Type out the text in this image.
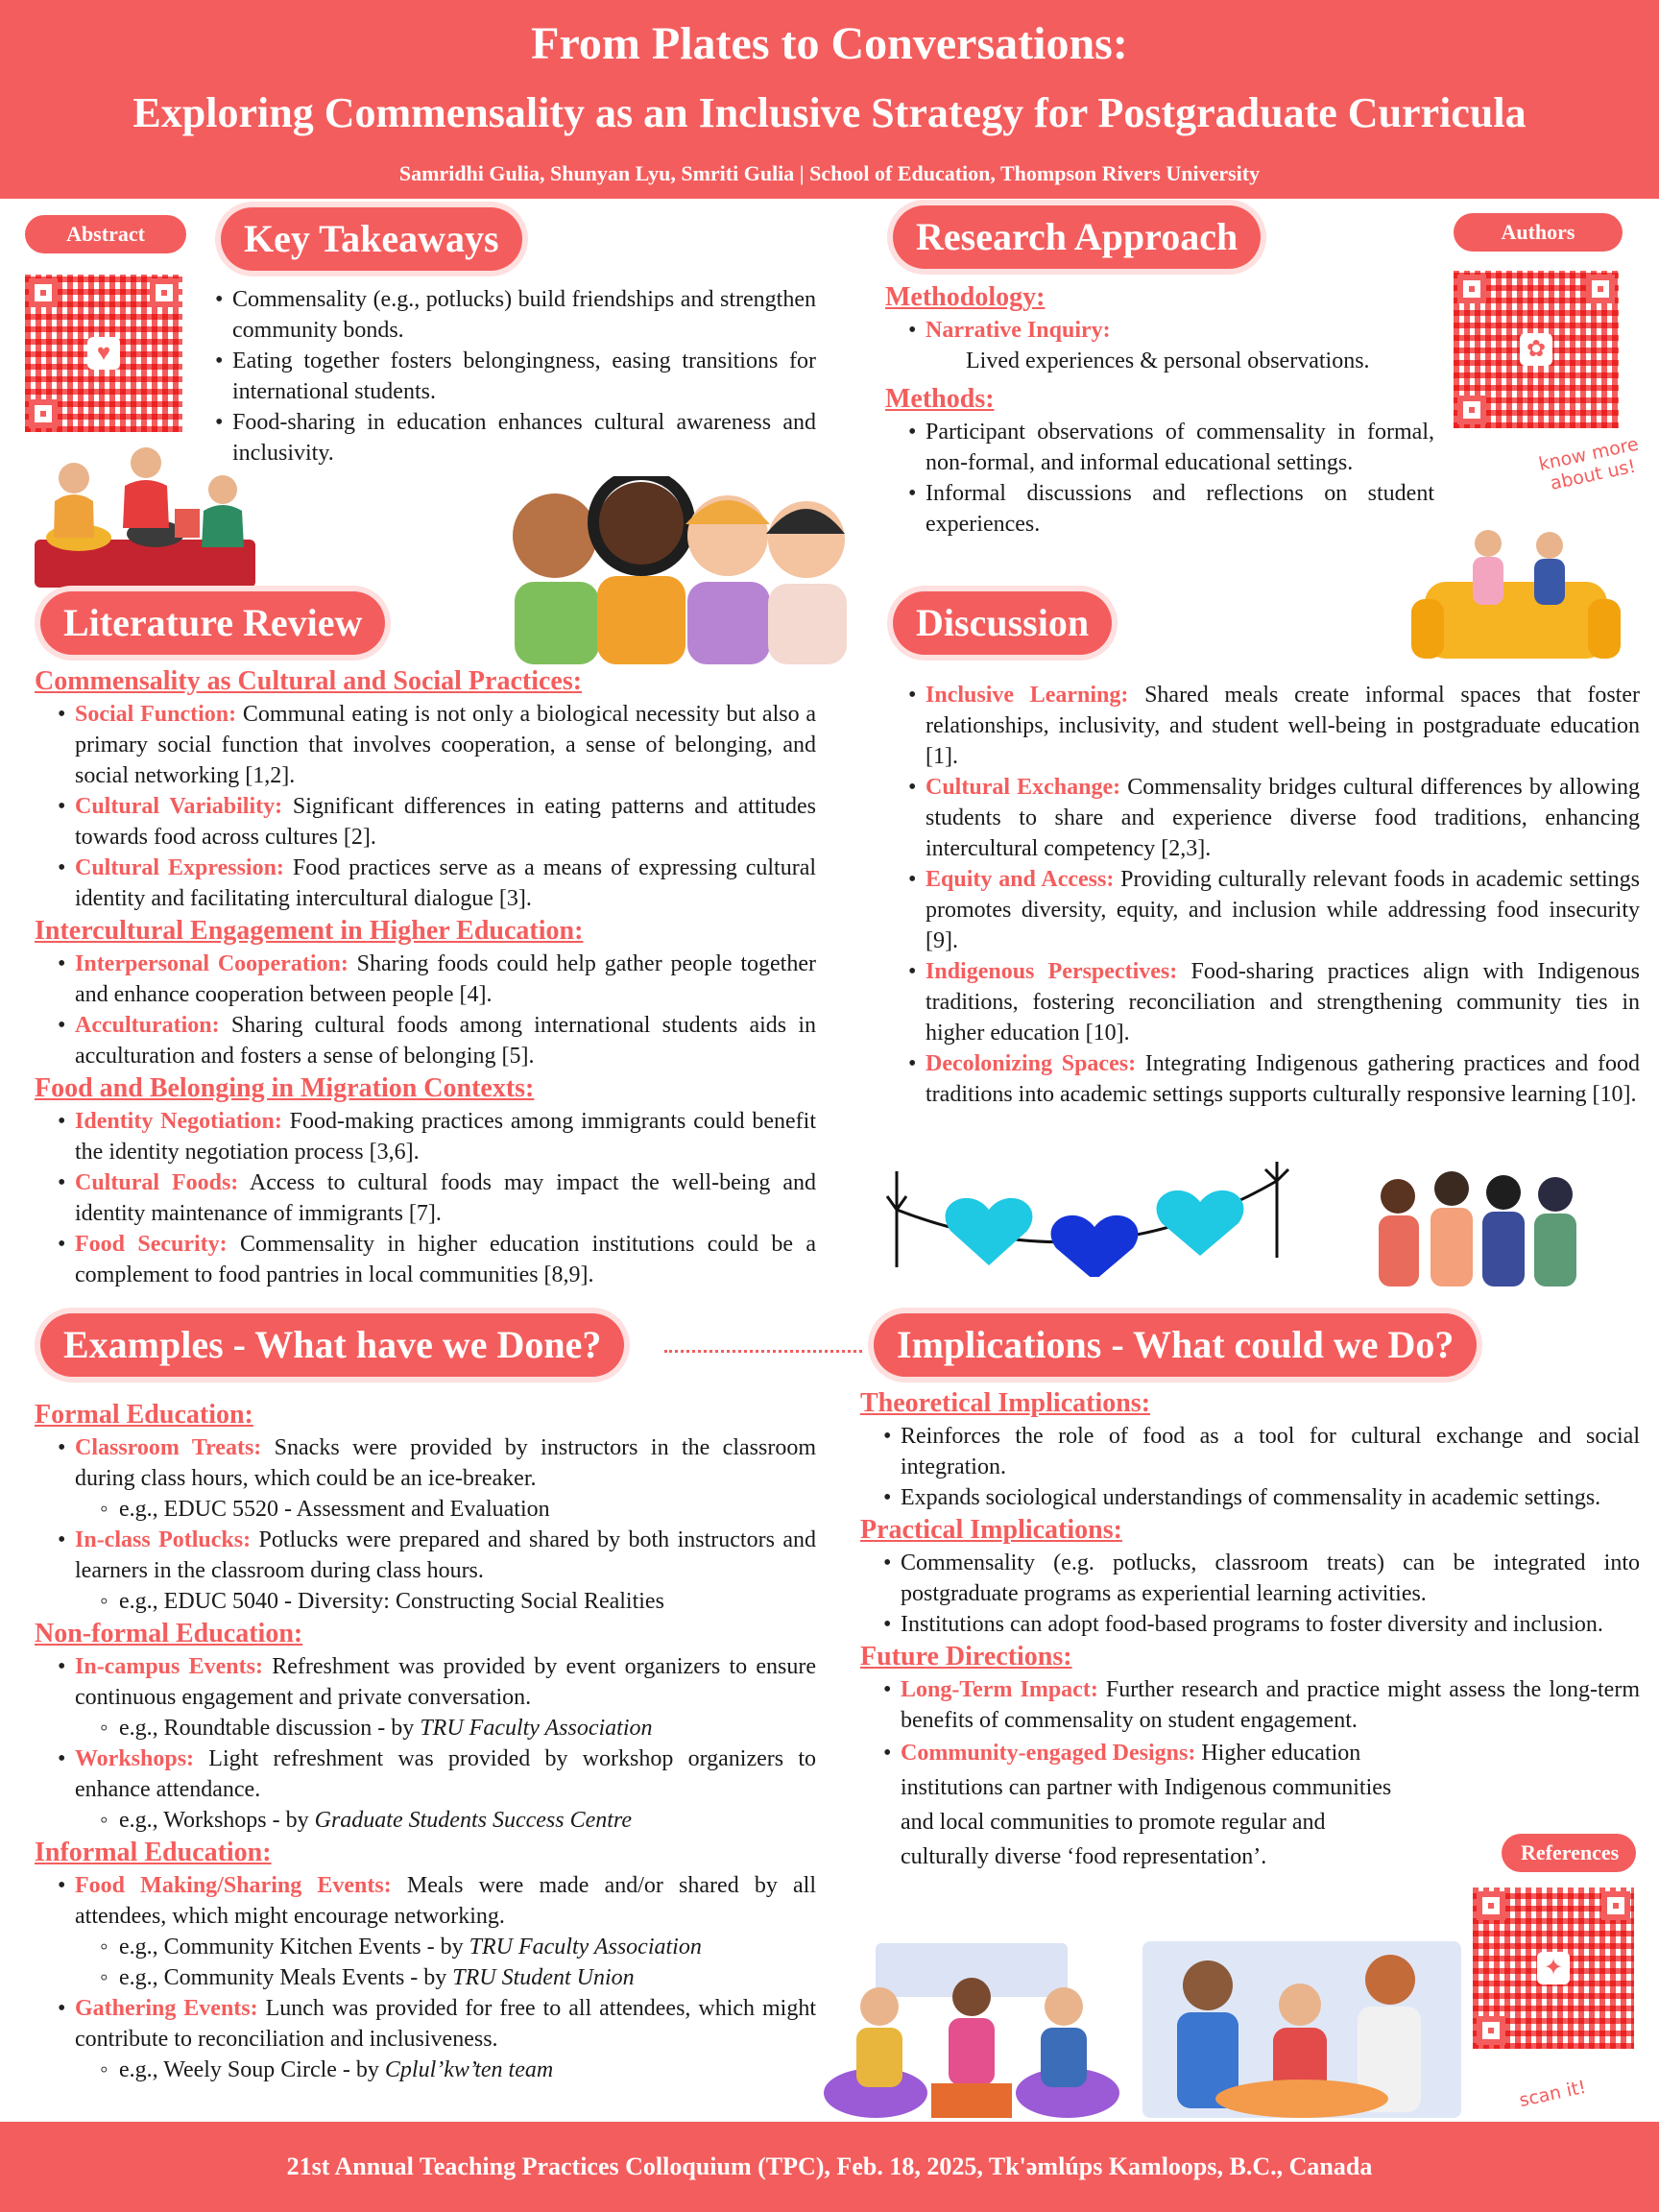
From Plates to Conversations:
Exploring Commensality as an Inclusive Strategy for Postgraduate Curricula
Samridhi Gulia, Shunyan Lyu, Smriti Gulia | School of Education, Thompson Rivers University
Abstract
♥
Key Takeaways
• Commensality (e.g., potlucks) build friendships and strengthen community bonds.
• Eating together fosters belongingness, easing transitions for international students.
• Food-sharing in education enhances cultural awareness and inclusivity.
Research Approach
Methodology:
• Narrative Inquiry:
Lived experiences & personal observations.
Methods:
• Participant observations of commensality in formal, non-formal, and informal educational settings.
• Informal discussions and reflections on student experiences.
Authors
✿
know more about us!
Literature Review
Commensality as Cultural and Social Practices:
• Social Function: Communal eating is not only a biological necessity but also a primary social function that involves cooperation, a sense of belonging, and social networking [1,2].
• Cultural Variability: Significant differences in eating patterns and attitudes towards food across cultures [2].
• Cultural Expression: Food practices serve as a means of expressing cultural identity and facilitating intercultural dialogue [3].
Intercultural Engagement in Higher Education:
• Interpersonal Cooperation: Sharing foods could help gather people together and enhance cooperation between people [4].
• Acculturation: Sharing cultural foods among international students aids in acculturation and fosters a sense of belonging [5].
Food and Belonging in Migration Contexts:
• Identity Negotiation: Food-making practices among immigrants could benefit the identity negotiation process [3,6].
• Cultural Foods: Access to cultural foods may impact the well-being and identity maintenance of immigrants [7].
• Food Security: Commensality in higher education institutions could be a complement to food pantries in local communities [8,9].
Discussion
• Inclusive Learning: Shared meals create informal spaces that foster relationships, inclusivity, and student well-being in postgraduate education [1].
• Cultural Exchange: Commensality bridges cultural differences by allowing students to share and experience diverse food traditions, enhancing intercultural competency [2,3].
• Equity and Access: Providing culturally relevant foods in academic settings promotes diversity, equity, and inclusion while addressing food insecurity [9].
• Indigenous Perspectives: Food-sharing practices align with Indigenous traditions, fostering reconciliation and strengthening community ties in higher education [10].
• Decolonizing Spaces: Integrating Indigenous gathering practices and food traditions into academic settings supports culturally responsive learning [10].
Examples - What have we Done?	Implications - What could we Do?
Formal Education:
• Classroom Treats: Snacks were provided by instructors in the classroom during class hours, which could be an ice-breaker.
◦ e.g., EDUC 5520 - Assessment and Evaluation
• In-class Potlucks: Potlucks were prepared and shared by both instructors and learners in the classroom during class hours.
◦ e.g., EDUC 5040 - Diversity: Constructing Social Realities
Non-formal Education:
• In-campus Events: Refreshment was provided by event organizers to ensure continuous engagement and private conversation.
◦ e.g., Roundtable discussion - by TRU Faculty Association
• Workshops: Light refreshment was provided by workshop organizers to enhance attendance.
◦ e.g., Workshops - by Graduate Students Success Centre
Informal Education:
• Food Making/Sharing Events: Meals were made and/or shared by all attendees, which might encourage networking.
◦ e.g., Community Kitchen Events - by TRU Faculty Association
◦ e.g., Community Meals Events - by TRU Student Union
• Gathering Events: Lunch was provided for free to all attendees, which might contribute to reconciliation and inclusiveness.
◦ e.g., Weely Soup Circle - by Cplul’kw’ten team
Theoretical Implications:
• Reinforces the role of food as a tool for cultural exchange and social integration.
• Expands sociological understandings of commensality in academic settings.
Practical Implications:
• Commensality (e.g. potlucks, classroom treats) can be integrated into postgraduate programs as experiential learning activities.
• Institutions can adopt food-based programs to foster diversity and inclusion.
Future Directions:
• Long-Term Impact: Further research and practice might assess the long-term benefits of commensality on student engagement.
• Community-engaged Designs: Higher education institutions can partner with Indigenous communities and local communities to promote regular and culturally diverse ‘food representation’.	References
✦
scan it!
21st Annual Teaching Practices Colloquium (TPC), Feb. 18, 2025, Tk'əmlúps Kamloops, B.C., Canada
